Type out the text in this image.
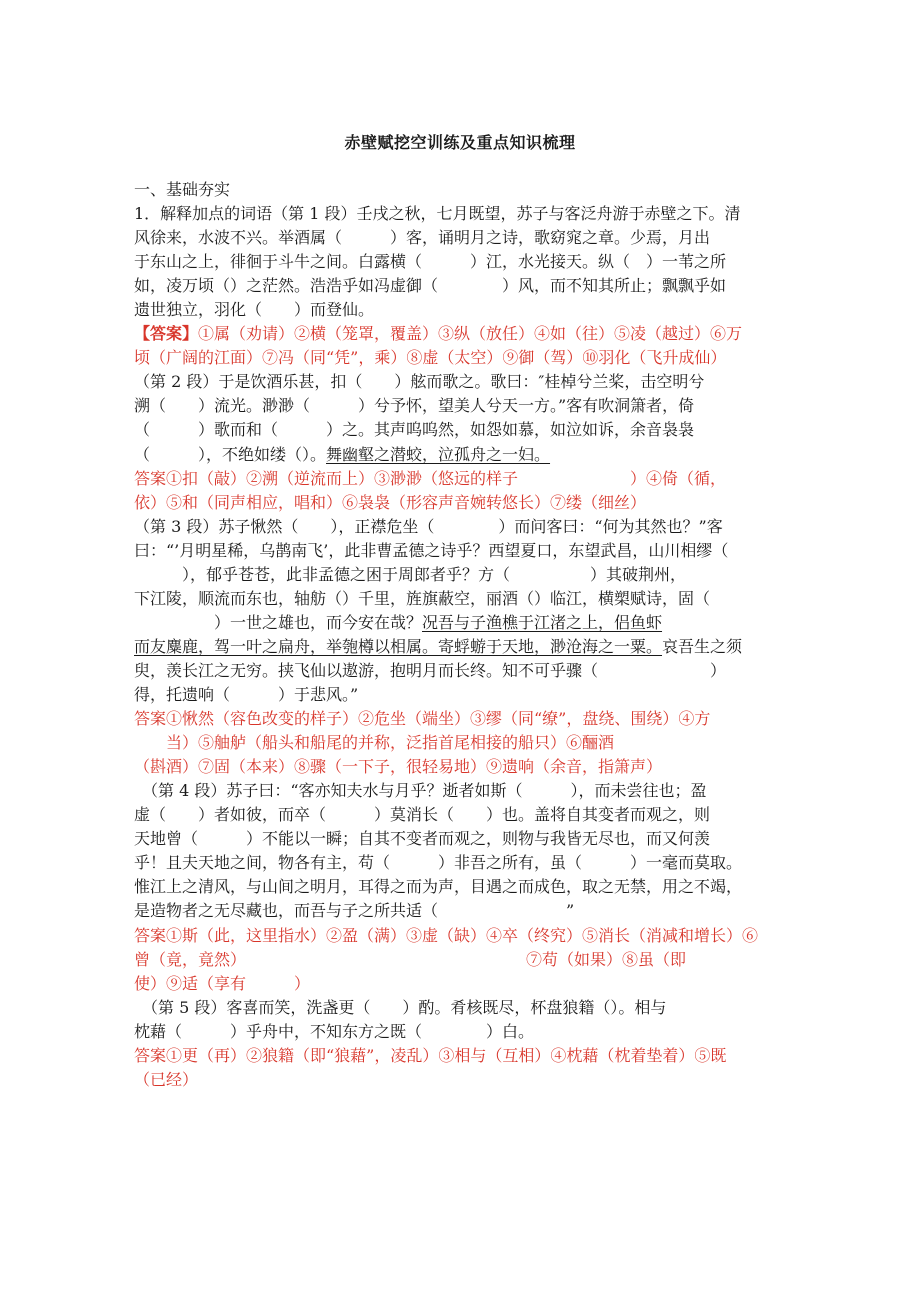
赤壁赋挖空训练及重点知识梳理
一、基础夯实
1．解释加点的词语（第 1 段）壬戌之秋，七月既望，苏子与客泛舟游于赤壁之下。清
风徐来，水波不兴。举酒属（　　　）客，诵明月之诗，歌窈窕之章。少焉，月出
于东山之上，徘徊于斗牛之间。白露横（　　　）江，水光接天。纵（　）一苇之所
如，凌万顷（）之茫然。浩浩乎如冯虚御（　　　　）风，而不知其所止；飘飘乎如
遗世独立，羽化（　　）而登仙。
【答案】①属（劝请）②横（笼罩，覆盖）③纵（放任）④如（往）⑤凌（越过）⑥万
顷（广阔的江面）⑦冯（同“凭”，乘）⑧虚（太空）⑨御（驾）⑩羽化（飞升成仙）
（第 2 段）于是饮酒乐甚，扣（　　）舷而歌之。歌曰：″桂棹兮兰桨，击空明兮
溯（　　）流光。渺渺（　　　）兮予怀，望美人兮天一方。”客有吹洞箫者，倚
（　　　）歌而和（　　　）之。其声呜呜然，如怨如慕，如泣如诉，余音袅袅
（　　　），不绝如缕（）。舞幽壑之潜蛟，泣孤舟之一妇。
答案①扣（敲）②溯（逆流而上）③渺渺（悠远的样子　　　　　　　）④倚（循，
依）⑤和（同声相应，唱和）⑥袅袅（形容声音婉转悠长）⑦缕（细丝）
（第 3 段）苏子愀然（　　），正襟危坐（　　　　）而问客曰：“何为其然也？”客
曰：“’月明星稀，乌鹊南飞’，此非曹孟德之诗乎？西望夏口，东望武昌，山川相缪（
　　　），郁乎苍苍，此非孟德之困于周郎者乎？方（　　　　　）其破荆州，
下江陵，顺流而东也，轴舫（）千里，旌旗蔽空，丽酒（）临江，横槊赋诗，固（
　　　　　）一世之雄也，而今安在哉？况吾与子渔樵于江渚之上，侣鱼虾
而友麋鹿，驾一叶之扁舟，举匏樽以相属。寄蜉蝣于天地，渺沧海之一粟。哀吾生之须
臾，羡长江之无穷。挟飞仙以遨游，抱明月而长终。知不可乎骤（　　　　　　　）
得，托遗响（　　　）于悲风。”
答案①愀然（容色改变的样子）②危坐（端坐）③缪（同“缭”，盘绕、围绕）④方
　　当）⑤舳舻（船头和船尾的并称，泛指首尾相接的船只）⑥酾酒
（斟酒）⑦固（本来）⑧骤（一下子，很轻易地）⑨遗响（余音，指箫声）
　（第 4 段）苏子曰：“客亦知夫水与月乎？逝者如斯（　　　），而未尝往也；盈
虚（　　）者如彼，而卒（　　　）莫消长（　　）也。盖将自其变者而观之，则
天地曾（　　　）不能以一瞬；自其不变者而观之，则物与我皆无尽也，而又何羡
乎！且夫天地之间，物各有主，苟（　　　）非吾之所有，虽（　　　）一毫而莫取。
惟江上之清风，与山间之明月，耳得之而为声，目遇之而成色，取之无禁，用之不竭，
是造物者之无尽藏也，而吾与子之所共适（　　　　　　　　”
答案①斯（此，这里指水）②盈（满）③虚（缺）④卒（终究）⑤消长（消减和增长）⑥
曾（竟，竟然）　　　　　　　　　　　　　　　　　　⑦苟（如果）⑧虽（即
使）⑨适（享有　　　）
　（第 5 段）客喜而笑，洗盏更（　　）酌。肴核既尽，杯盘狼籍（）。相与
枕藉（　　　）乎舟中，不知东方之既（　　　　）白。
答案①更（再）②狼籍（即“狼藉”，凌乱）③相与（互相）④枕藉（枕着垫着）⑤既
（已经）
